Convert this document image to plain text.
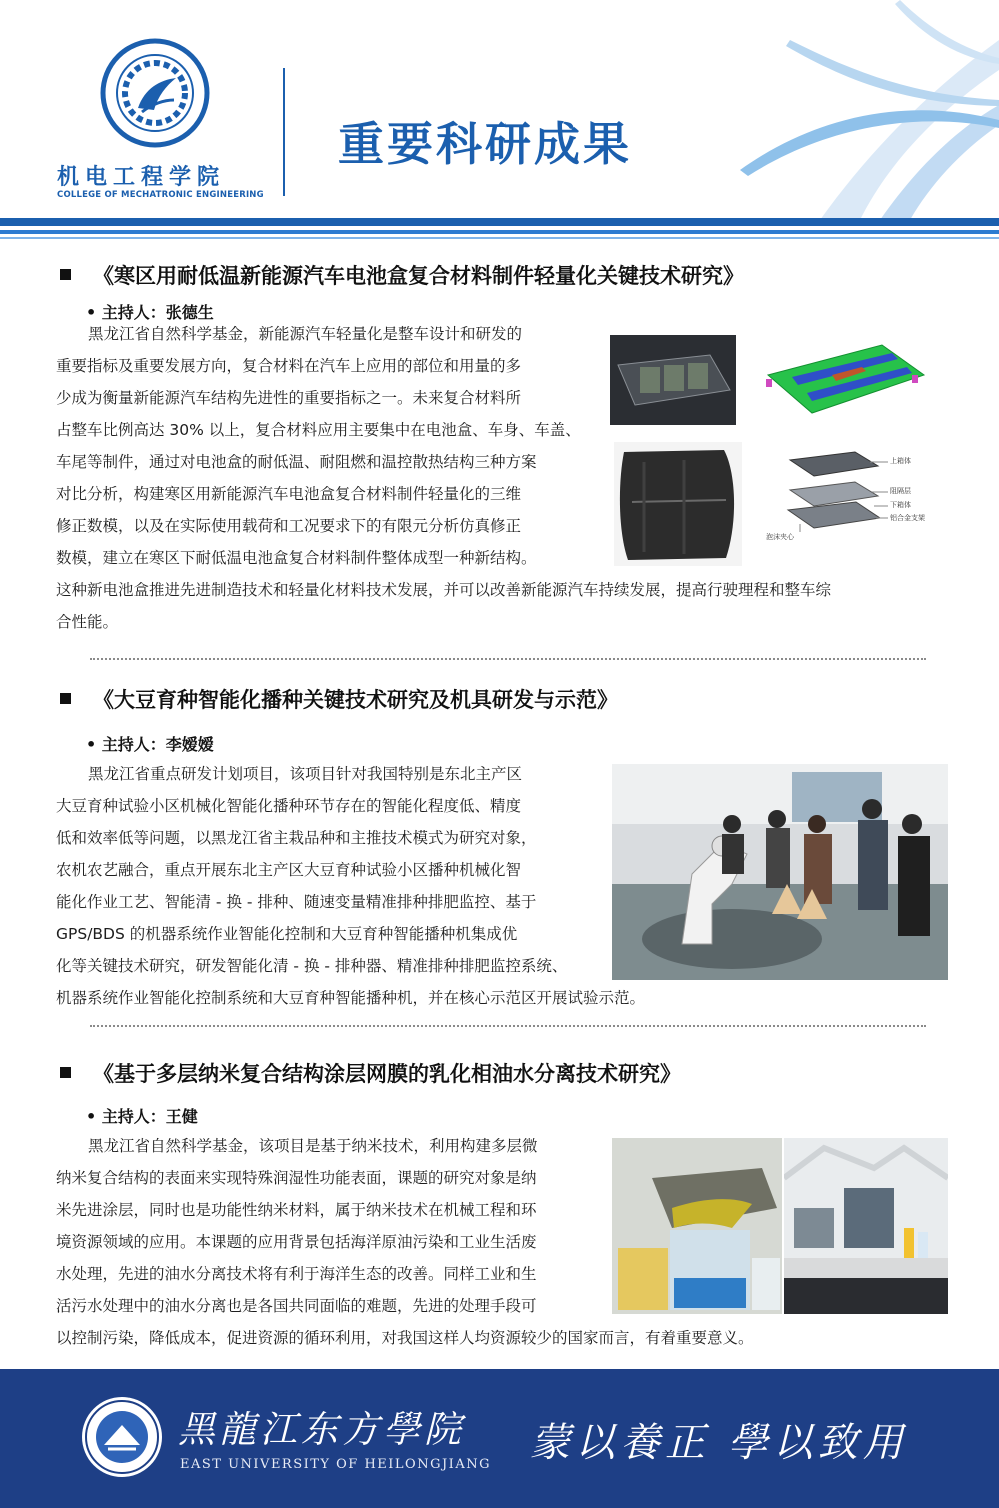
机电工程学院
COLLEGE OF MECHATRONIC ENGINEERING
重要科研成果
《寒区用耐低温新能源汽车电池盒复合材料制件轻量化关键技术研究》
• 主持人：张德生
黑龙江省自然科学基金，新能源汽车轻量化是整车设计和研发的
重要指标及重要发展方向，复合材料在汽车上应用的部位和用量的多
少成为衡量新能源汽车结构先进性的重要指标之一。未来复合材料所
占整车比例高达 30% 以上，复合材料应用主要集中在电池盒、车身、车盖、
车尾等制件，通过对电池盒的耐低温、耐阻燃和温控散热结构三种方案
对比分析，构建寒区用新能源汽车电池盒复合材料制件轻量化的三维
修正数模，以及在实际使用载荷和工况要求下的有限元分析仿真修正
数模，建立在寒区下耐低温电池盒复合材料制件整体成型一种新结构。
这种新电池盒推进先进制造技术和轻量化材料技术发展，并可以改善新能源汽车持续发展，提高行驶理程和整车综
合性能。
上箱体
阻隔层
下箱体
铝合金支架
泡沫夹心
《大豆育种智能化播种关键技术研究及机具研发与示范》
• 主持人：李嫒嫒
黑龙江省重点研发计划项目，该项目针对我国特别是东北主产区
大豆育种试验小区机械化智能化播种环节存在的智能化程度低、精度
低和效率低等问题，以黑龙江省主栽品种和主推技术模式为研究对象，
农机农艺融合，重点开展东北主产区大豆育种试验小区播种机械化智
能化作业工艺、智能清 - 换 - 排种、随速变量精准排种排肥监控、基于
GPS/BDS 的机器系统作业智能化控制和大豆育种智能播种机集成优
化等关键技术研究，研发智能化清 - 换 - 排种器、精准排种排肥监控系统、
机器系统作业智能化控制系统和大豆育种智能播种机，并在核心示范区开展试验示范。
《基于多层纳米复合结构涂层网膜的乳化相油水分离技术研究》
• 主持人：王健
黑龙江省自然科学基金，该项目是基于纳米技术，利用构建多层微
纳米复合结构的表面来实现特殊润湿性功能表面，课题的研究对象是纳
米先进涂层，同时也是功能性纳米材料，属于纳米技术在机械工程和环
境资源领域的应用。本课题的应用背景包括海洋原油污染和工业生活废
水处理，先进的油水分离技术将有利于海洋生态的改善。同样工业和生
活污水处理中的油水分离也是各国共同面临的难题，先进的处理手段可
以控制污染，降低成本，促进资源的循环利用，对我国这样人均资源较少的国家而言，有着重要意义。
黑龍江东方學院
EAST UNIVERSITY OF HEILONGJIANG 蒙以養正 學以致用
